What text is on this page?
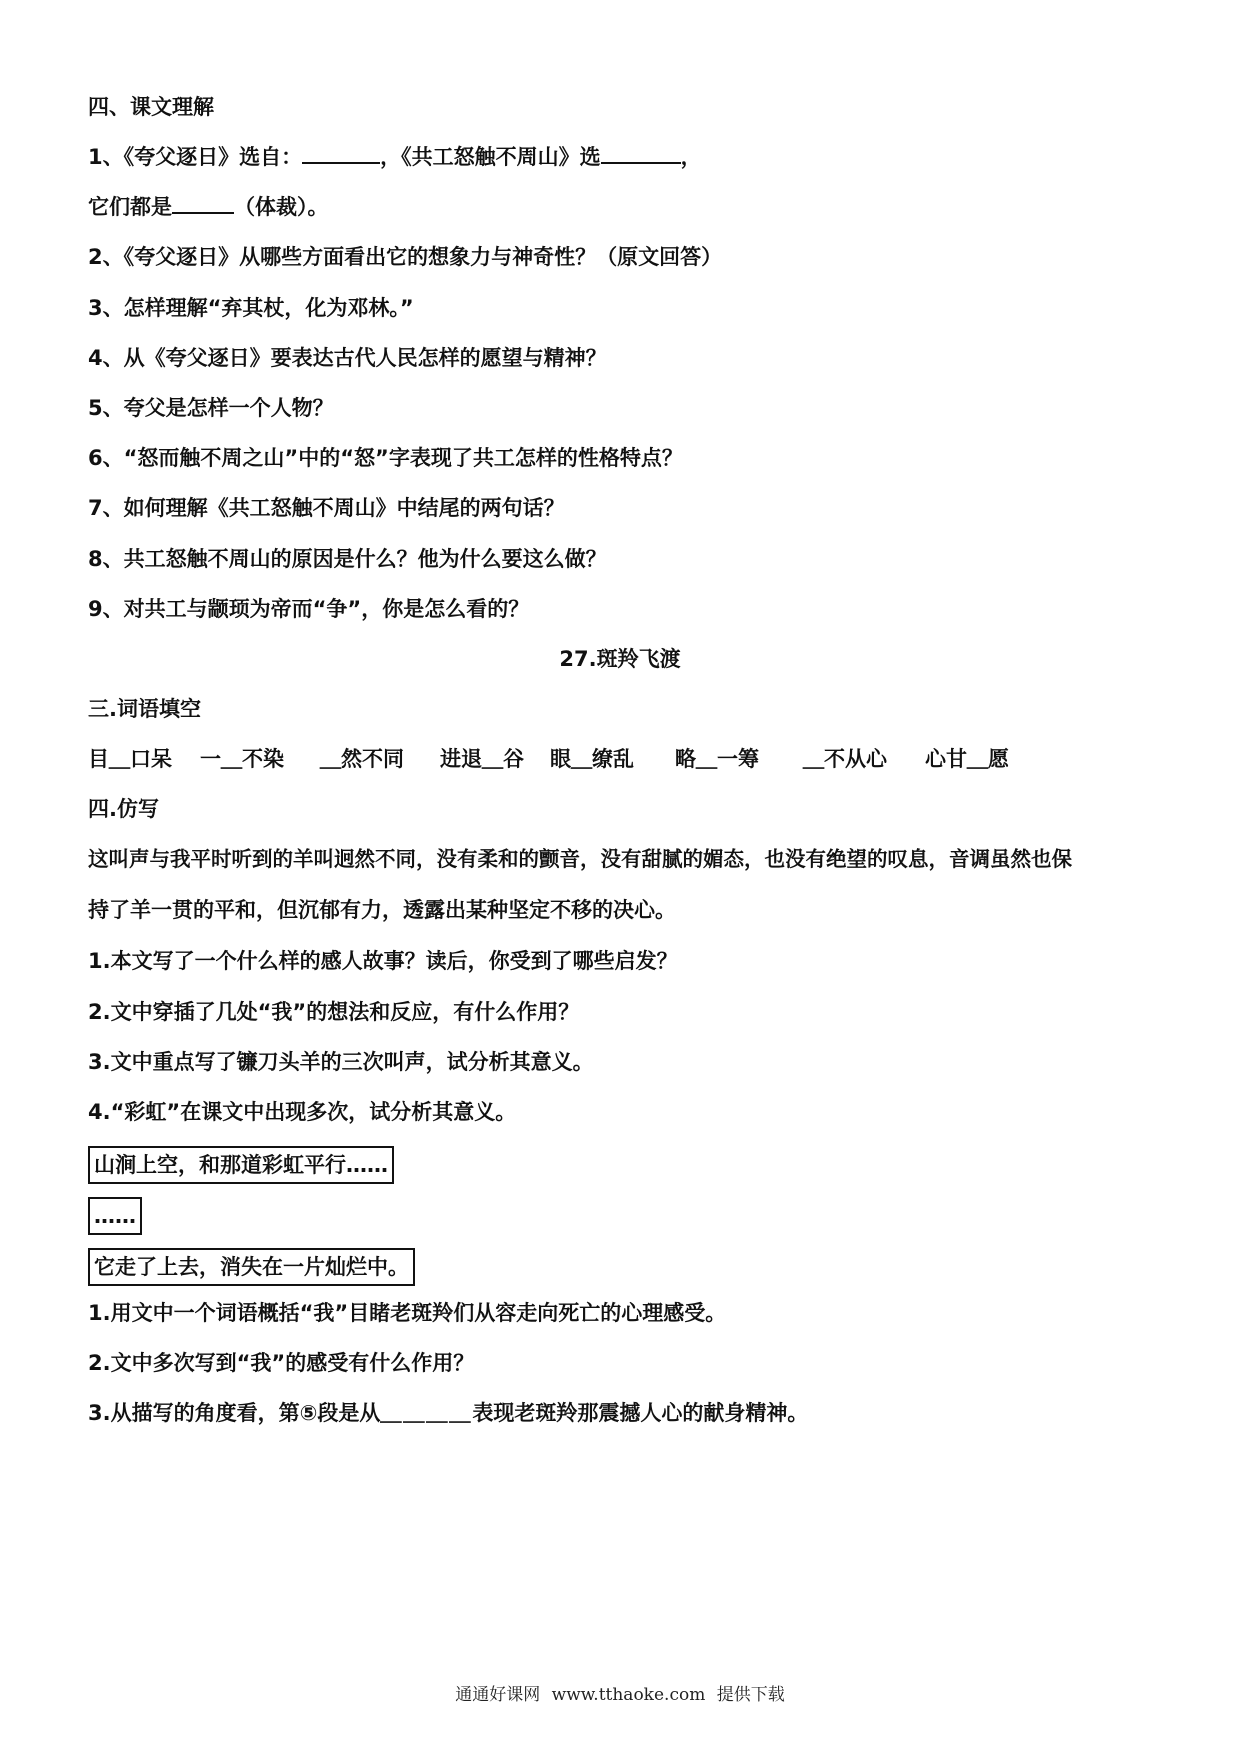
四、课文理解
1、《夸父逐日》选自：	，《共工怒触不周山》选	，
它们都是	（体裁）。
2、《夸父逐日》从哪些方面看出它的想象力与神奇性？（原文回答）
3、怎样理解“弃其杖，化为邓林。”
4、从《夸父逐日》要表达古代人民怎样的愿望与精神？
5、夸父是怎样一个人物？
6、“怒而触不周之山”中的“怒”字表现了共工怎样的性格特点？
7、如何理解《共工怒触不周山》中结尾的两句话？
8、共工怒触不周山的原因是什么？他为什么要这么做？
9、对共工与颛顼为帝而“争”，你是怎么看的？
27.斑羚飞渡
三.词语填空
目＿口呆	一＿不染	＿然不同	进退＿谷	眼＿缭乱	略＿一筹	＿不从心	心甘＿愿
四.仿写
这叫声与我平时听到的羊叫迥然不同，没有柔和的颤音，没有甜腻的媚态，也没有绝望的叹息，音调虽然也保
持了羊一贯的平和，但沉郁有力，透露出某种坚定不移的决心。
1.本文写了一个什么样的感人故事？读后，你受到了哪些启发？
2.文中穿插了几处“我”的想法和反应，有什么作用？
3.文中重点写了镰刀头羊的三次叫声，试分析其意义。
4.“彩虹”在课文中出现多次，试分析其意义。
山涧上空，和那道彩虹平行……
……
它走了上去，消失在一片灿烂中。
1.用文中一个词语概括“我”目睹老斑羚们从容走向死亡的心理感受。
2.文中多次写到“我”的感受有什么作用？
3.从描写的角度看，第⑤段是从＿＿＿＿表现老斑羚那震撼人心的献身精神。
通通好课网 www.tthaoke.com 提供下载
